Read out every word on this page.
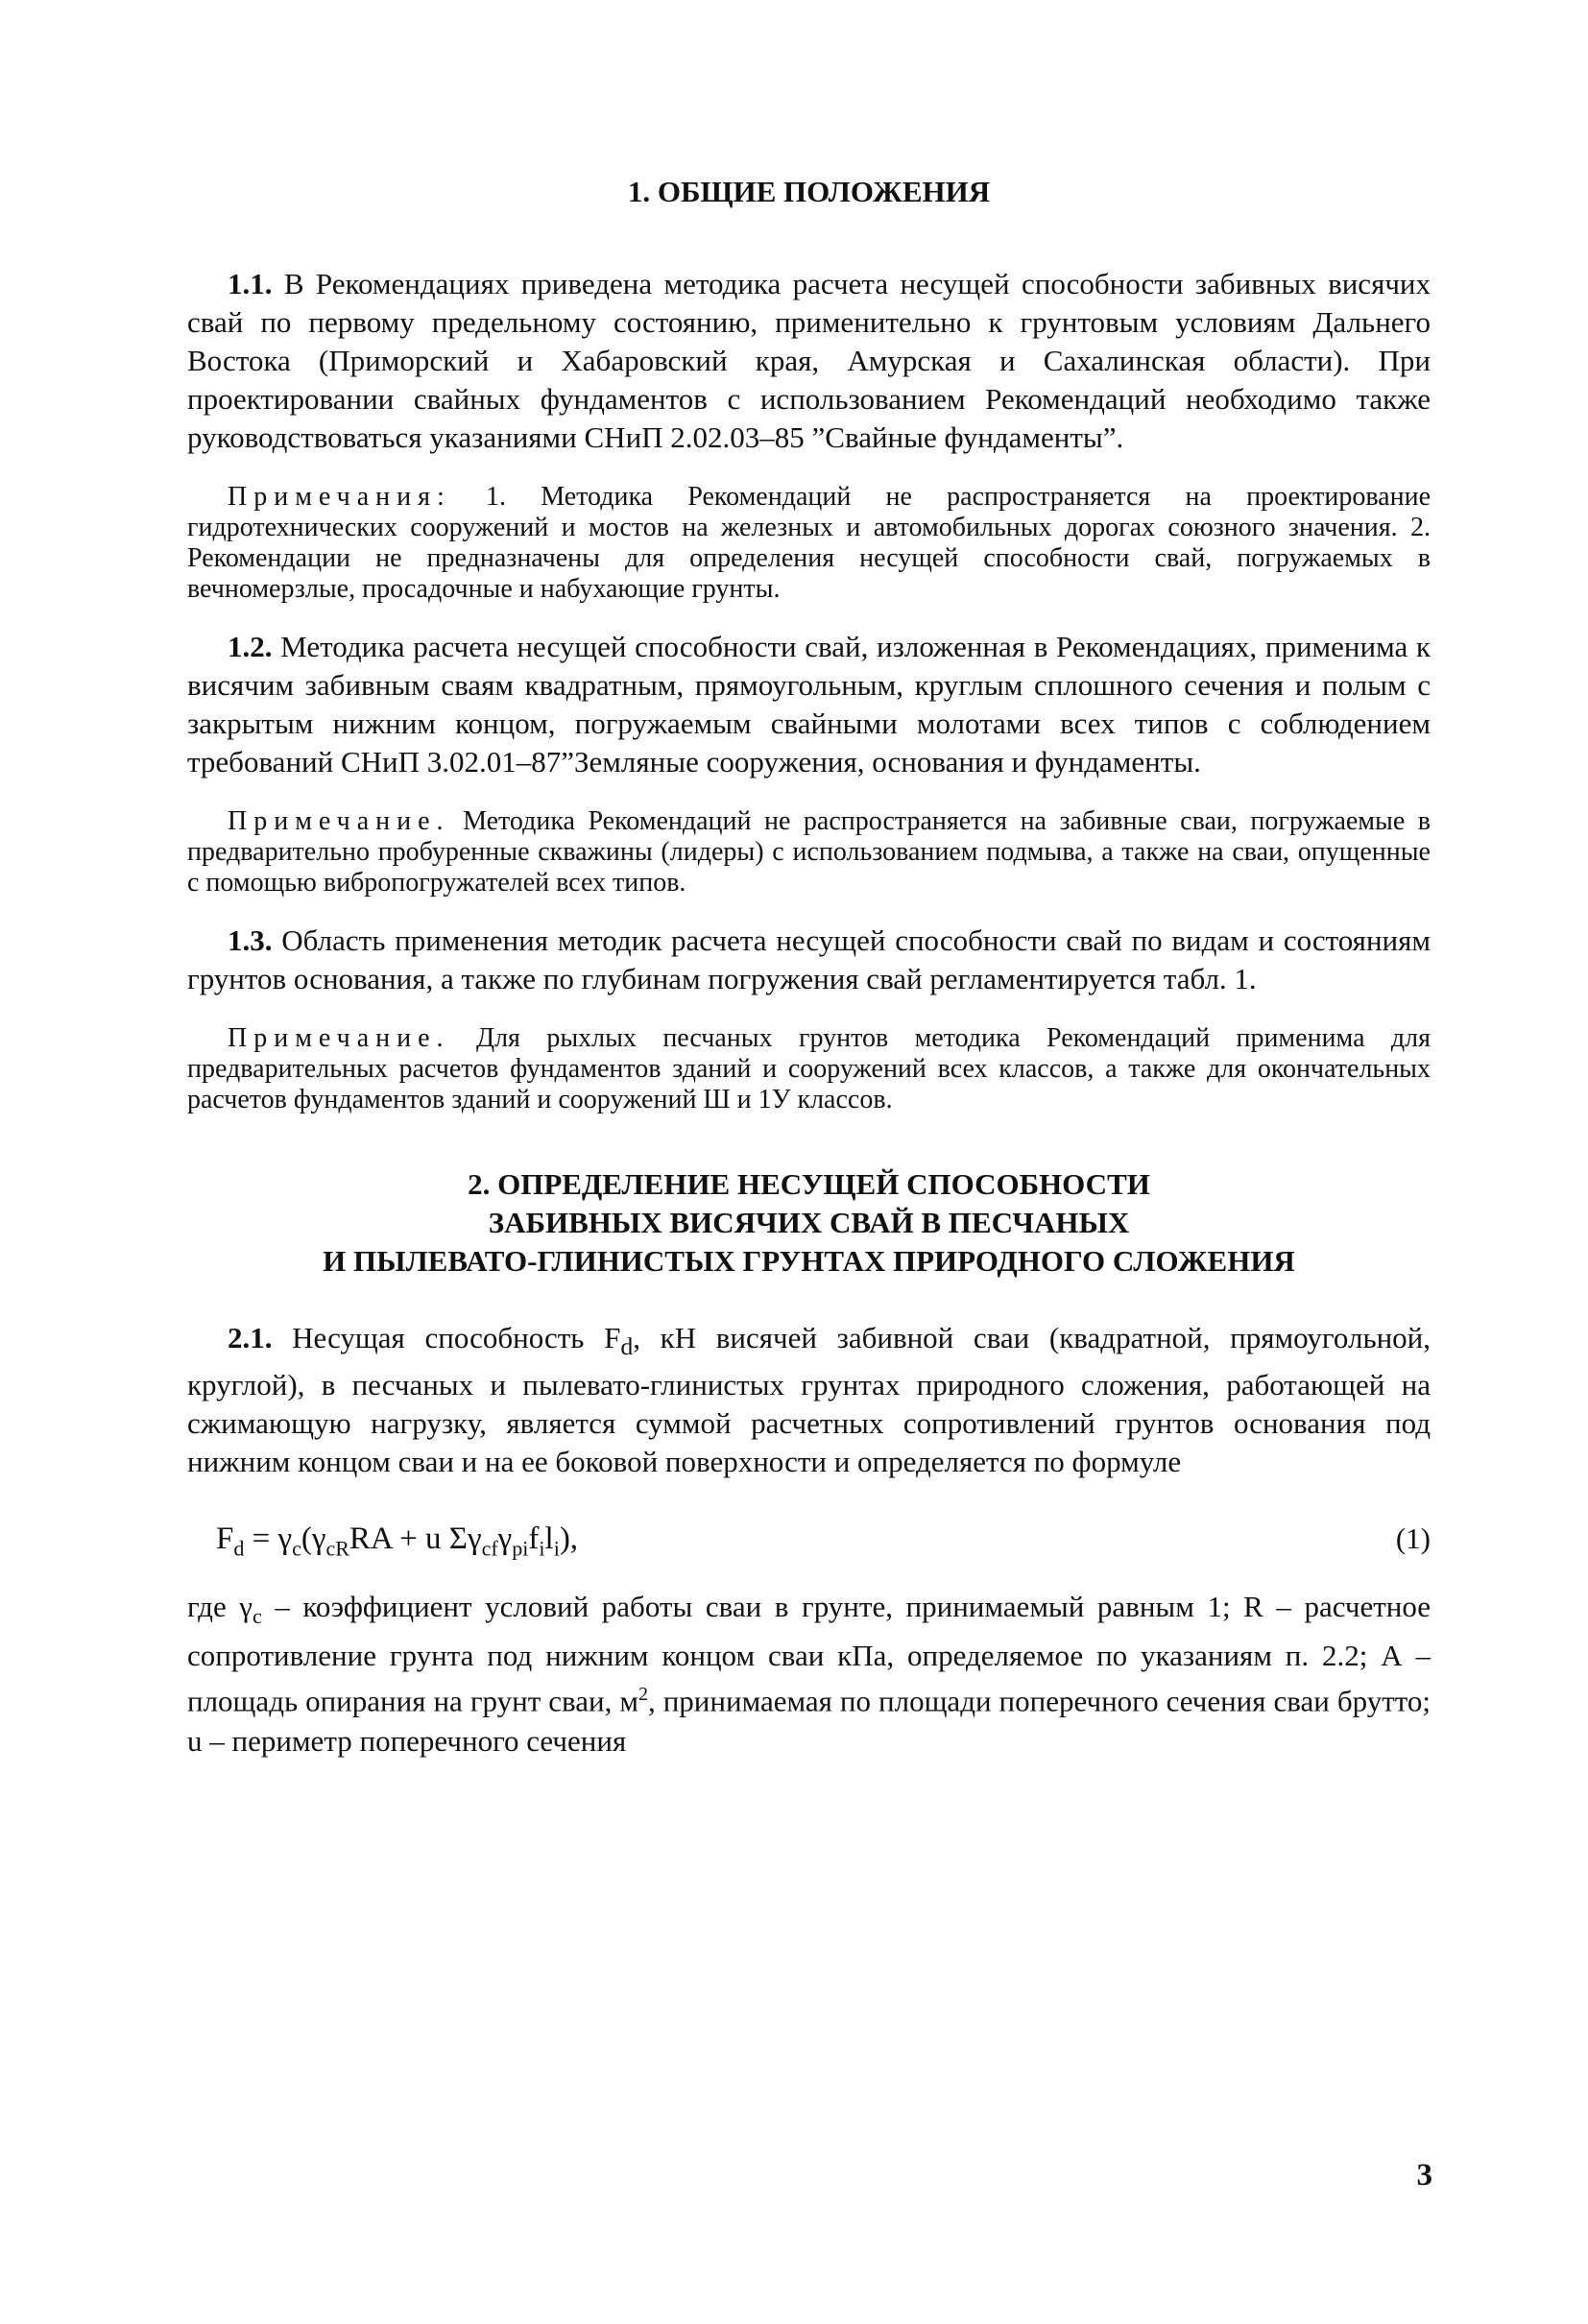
1. ОБЩИЕ ПОЛОЖЕНИЯ

1.1. В Рекомендациях приведена методика расчета несущей способности забивных висячих свай по первому предельному состоянию, применительно к грунтовым условиям Дальнего Востока (Приморский и Хабаровский края, Амурская и Сахалинская области). При проектировании свайных фундаментов с использованием Рекомендаций необходимо также руководствоваться указаниями СНиП 2.02.03–85 ”Свайные фундаменты”.

Примечания: 1. Методика Рекомендаций не распространяется на проектирование гидротехнических сооружений и мостов на железных и автомобильных дорогах союзного значения. 2. Рекомендации не предназначены для определения несущей способности свай, погружаемых в вечномерзлые, просадочные и набухающие грунты.

1.2. Методика расчета несущей способности свай, изложенная в Рекомендациях, применима к висячим забивным сваям квадратным, прямоугольным, круглым сплошного сечения и полым с закрытым нижним концом, погружаемым свайными молотами всех типов с соблюдением требований СНиП 3.02.01–87”Земляные сооружения, основания и фундаменты.

Примечание. Методика Рекомендаций не распространяется на забивные сваи, погружаемые в предварительно пробуренные скважины (лидеры) с использованием подмыва, а также на сваи, опущенные с помощью вибропогружателей всех типов.

1.3. Область применения методик расчета несущей способности свай по видам и состояниям грунтов основания, а также по глубинам погружения свай регламентируется табл. 1.

Примечание. Для рыхлых песчаных грунтов методика Рекомендаций применима для предварительных расчетов фундаментов зданий и сооружений всех классов, а также для окончательных расчетов фундаментов зданий и сооружений Ш и 1У классов.

2. ОПРЕДЕЛЕНИЕ НЕСУЩЕЙ СПОСОБНОСТИ
ЗАБИВНЫХ ВИСЯЧИХ СВАЙ В ПЕСЧАНЫХ
И ПЫЛЕВАТО-ГЛИНИСТЫХ ГРУНТАХ ПРИРОДНОГО СЛОЖЕНИЯ

2.1. Несущая способность $F_d$, кН висячей забивной сваи (квадратной, прямоугольной, круглой), в песчаных и пылевато-глинистых грунтах природного сложения, работающей на сжимающую нагрузку, является суммой расчетных сопротивлений грунтов основания под нижним концом сваи и на ее боковой поверхности и определяется по формуле

$F_d = \gamma_c(\gamma_{cR}RA + u$ $\Sigma\gamma_{cf}\gamma_{pi}f_il_i$),	(1)

где $\gamma_c$ – коэффициент условий работы сваи в грунте, принимаемый равным 1; R – расчетное сопротивление грунта под нижним концом сваи кПа, определяемое по указаниям п. 2.2; А – площадь опирания на грунт сваи, $м^2$, принимаемая по площади поперечного сечения сваи брутто; u – периметр поперечного сечения

3
